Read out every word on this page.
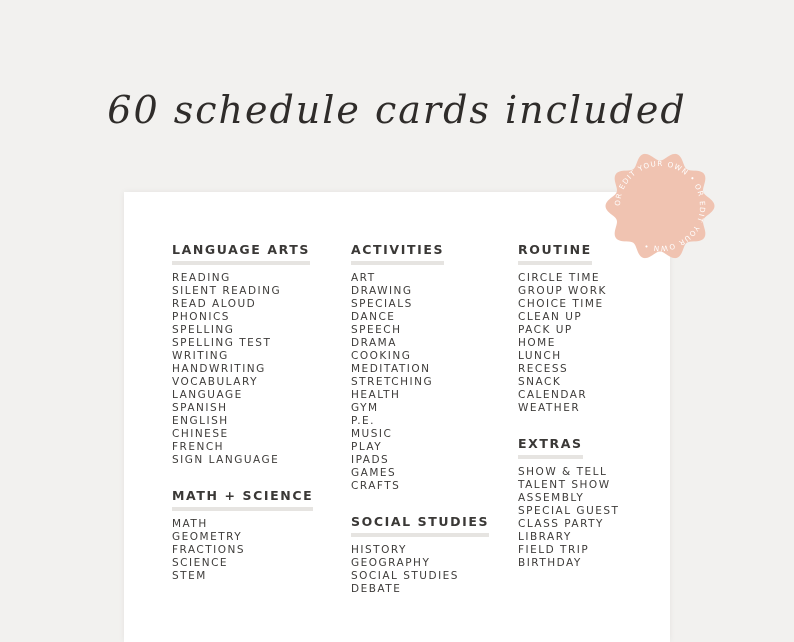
60 schedule cards included
LANGUAGE ARTS
READING
SILENT READING
READ ALOUD
PHONICS
SPELLING
SPELLING TEST
WRITING
HANDWRITING
VOCABULARY
LANGUAGE
SPANISH
ENGLISH
CHINESE
FRENCH
SIGN LANGUAGE
MATH + SCIENCE
MATH
GEOMETRY
FRACTIONS
SCIENCE
STEM
ACTIVITIES
ART
DRAWING
SPECIALS
DANCE
SPEECH
DRAMA
COOKING
MEDITATION
STRETCHING
HEALTH
GYM
P.E.
MUSIC
PLAY
IPADS
GAMES
CRAFTS
SOCIAL STUDIES
HISTORY
GEOGRAPHY
SOCIAL STUDIES
DEBATE
ROUTINE
CIRCLE TIME
GROUP WORK
CHOICE TIME
CLEAN UP
PACK UP
HOME
LUNCH
RECESS
SNACK
CALENDAR
WEATHER
EXTRAS
SHOW & TELL
TALENT SHOW
ASSEMBLY
SPECIAL GUEST
CLASS PARTY
LIBRARY
FIELD TRIP
BIRTHDAY
OR EDIT YOUR OWN • OR EDIT YOUR OWN •
